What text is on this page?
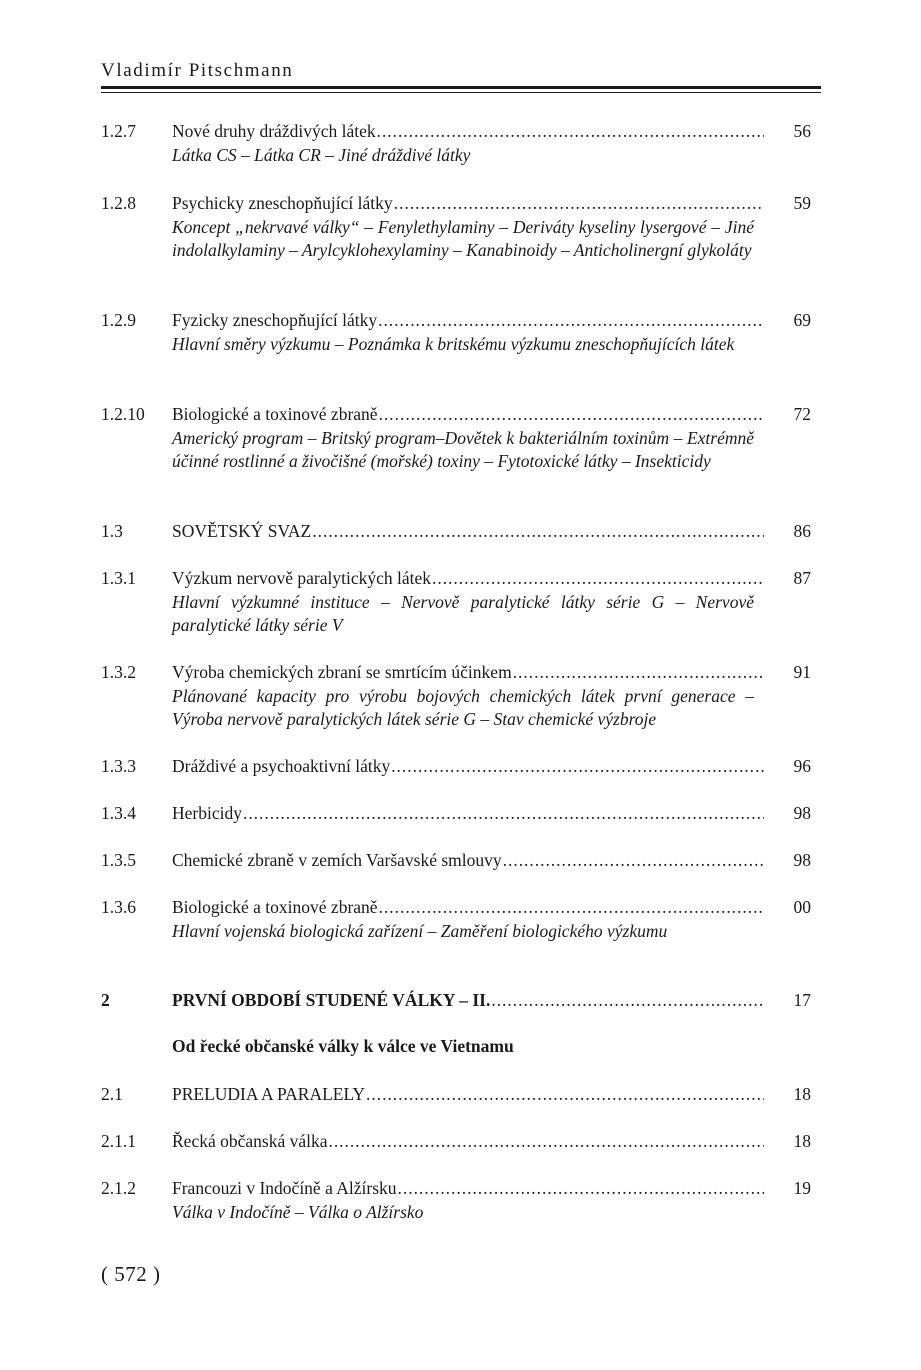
Vladimír Pitschmann
1.2.7 Nové druhy dráždivých látek . . .	56
Látka CS – Látka CR – Jiné dráždivé látky
1.2.8 Psychicky zneschopňující látky . . .	59
Koncept „nekrvavé války“ – Fenylethylaminy – Deriváty kyseliny lysergové – Jiné indolalkylaminy – Arylcyklohexylaminy – Kanabinoidy – Anticholinergní glykoláty
1.2.9 Fyzicky zneschopňující látky . . .	69
Hlavní směry výzkumu – Poznámka k britskému výzkumu zneschopňujících látek
1.2.10 Biologické a toxinové zbraně . . .	72
Americký program – Britský program–Dovětek k bakteriálním toxinům – Extrémně účinné rostlinné a živočišné (mořské) toxiny – Fytotoxické látky – Insekticidy
1.3	SOVĚTSKÝ SVAZ . . .	86
1.3.1 Výzkum nervově paralytických látek . . .	87
Hlavní výzkumné instituce – Nervově paralytické látky série G – Nervově paralytické látky série V
1.3.2 Výroba chemických zbraní se smrtícím účinkem . . .	91
Plánované kapacity pro výrobu bojových chemických látek první generace – Výroba nervově paralytických látek série G – Stav chemické výzbroje
1.3.3 Dráždivé a psychoaktivní látky . . .	96
1.3.4 Herbicidy . . .	98
1.3.5 Chemické zbraně v zemích Varšavské smlouvy . . .	98
1.3.6 Biologické a toxinové zbraně . . .	00
Hlavní vojenská biologická zařízení – Zaměření biologického výzkumu
2	PRVNÍ OBDOBÍ STUDENÉ VÁLKY – II. . . .	17
Od řecké občanské války k válce ve Vietnamu
2.1	PRELUDIA A PARALELY . . .	18
2.1.1 Řecká občanská válka . . .	18
2.1.2 Francouzi v Indočíně a Alžírsku . . .	19
Válka v Indočíně – Válka o Alžírsko
( 572 )
